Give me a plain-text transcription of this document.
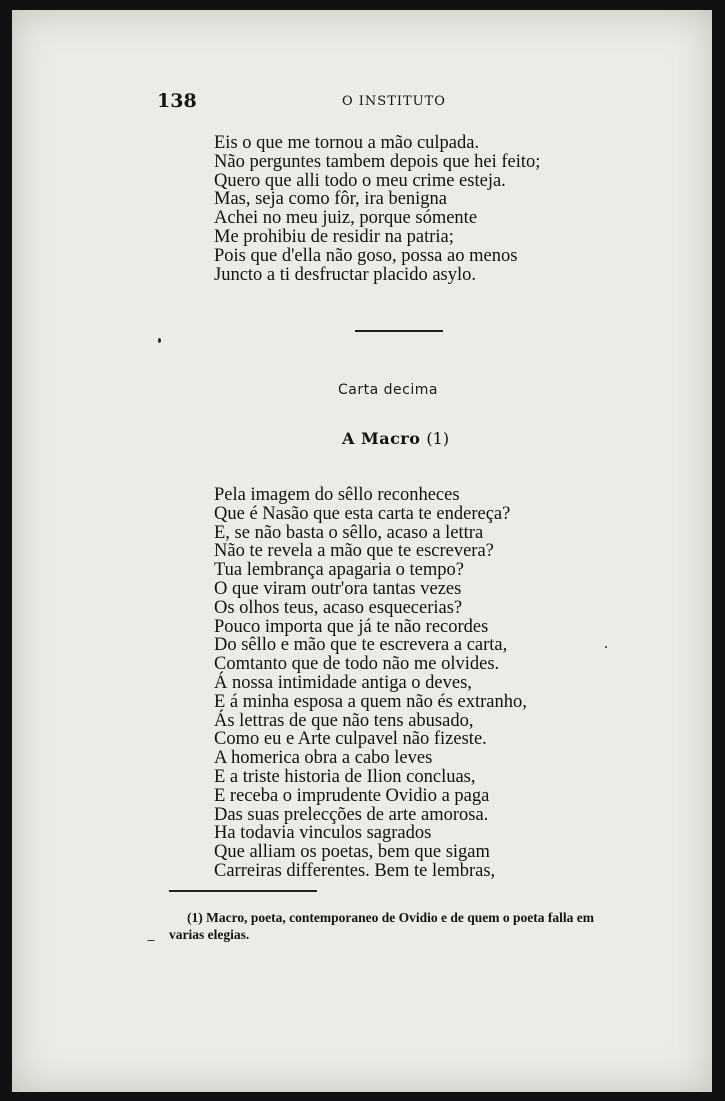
138	O INSTITUTO
Eis o que me tornou a mão culpada.
Não perguntes tambem depois que hei feito;
Quero que alli todo o meu crime esteja.
Mas, seja como fôr, ira benigna
Achei no meu juiz, porque sómente
Me prohibiu de residir na patria;
Pois que d'ella não goso, possa ao menos
Juncto a ti desfructar placido asylo.
Carta decima
A Macro (1)
Pela imagem do sêllo reconheces
Que é Nasão que esta carta te endereça?
E, se não basta o sêllo, acaso a lettra
Não te revela a mão que te escrevera?
Tua lembrança apagaria o tempo?
O que viram outr'ora tantas vezes
Os olhos teus, acaso esquecerias?
Pouco importa que já te não recordes
Do sêllo e mão que te escrevera a carta,
Comtanto que de todo não me olvides.
Á nossa intimidade antiga o deves,
E á minha esposa a quem não és extranho,
Ás lettras de que não tens abusado,
Como eu e Arte culpavel não fizeste.
A homerica obra a cabo leves
E a triste historia de Ilion concluas,
E receba o imprudente Ovidio a paga
Das suas prelecções de arte amorosa.
Ha todavia vinculos sagrados
Que alliam os poetas, bem que sigam
Carreiras differentes. Bem te lembras,
(1) Macro, poeta, contemporaneo de Ovidio e de quem o poeta falla em
varias elegias.
